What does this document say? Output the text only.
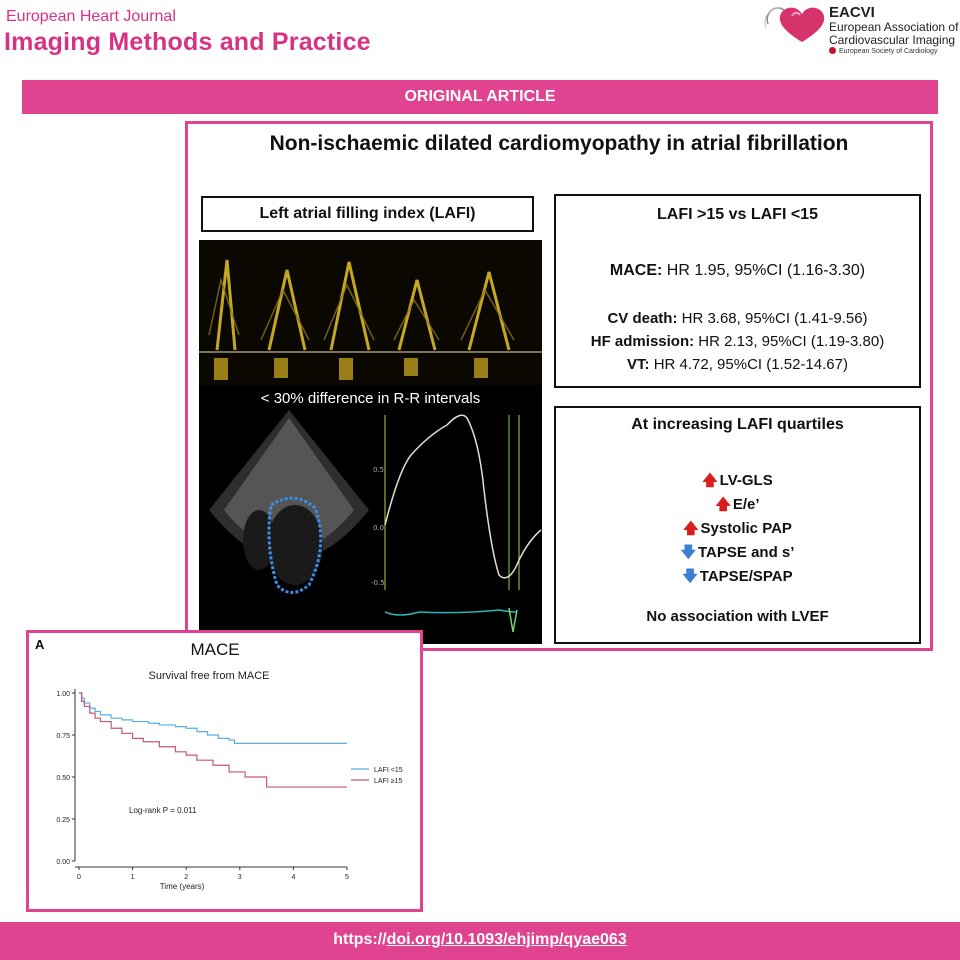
European Heart Journal
Imaging Methods and Practice
EACVI
European Association of
Cardiovascular Imaging
European Society of Cardiology
ORIGINAL ARTICLE
Non-ischaemic dilated cardiomyopathy in atrial fibrillation
Left atrial filling index (LAFI)
0.5
0.0
-0.5
< 30% difference in R-R intervals
LAFI >15 vs LAFI <15
MACE: HR 1.95, 95%CI (1.16-3.30)
CV death: HR 3.68, 95%CI (1.41-9.56)
HF admission: HR 2.13, 95%CI (1.19-3.80)
VT: HR 4.72, 95%CI (1.52-14.67)
At increasing LAFI quartiles
🡅 LV-GLS
🡅 E/e’
🡅 Systolic PAP
🡇 TAPSE and s’
🡇 TAPSE/SPAP
No association with LVEF
A	MACE
Survival free from MACE
0.00
0.25
0.50
0.75
1.00
0	1	2	3	4	5
Time (years)
Log-rank P = 0.011
LAFI <15
LAFI ≥15
https://doi.org/10.1093/ehjimp/qyae063
